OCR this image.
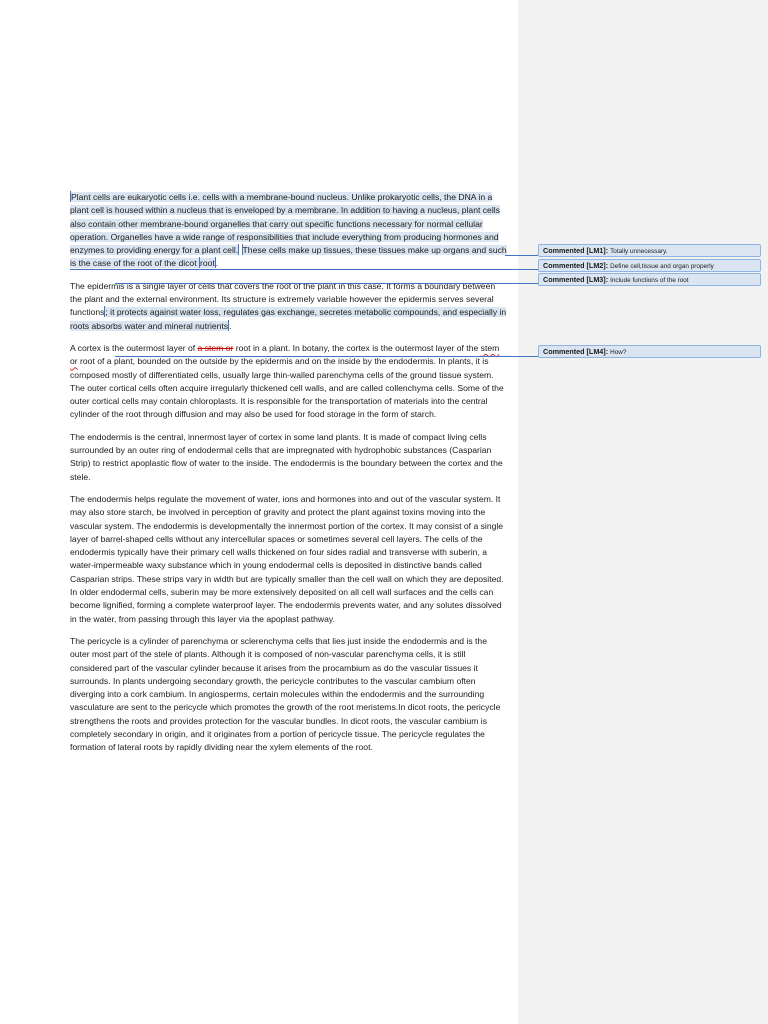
Plant cells are eukaryotic cells i.e. cells with a membrane-bound nucleus. Unlike prokaryotic cells, the DNA in a plant cell is housed within a nucleus that is enveloped by a membrane. In addition to having a nucleus, plant cells also contain other membrane-bound organelles that carry out specific functions necessary for normal cellular operation. Organelles have a wide range of responsibilities that include everything from producing hormones and enzymes to providing energy for a plant cell. These cells make up tissues, these tissues make up organs and such is the case of the root of the dicot root.

The epidermis is a single layer of cells that covers the root of the plant in this case. It forms a boundary between the plant and the external environment. Its structure is extremely variable however the epidermis serves several functions; it protects against water loss, regulates gas exchange, secretes metabolic compounds, and especially in roots absorbs water and mineral nutrients.

A cortex is the outermost layer of a stem or root in a plant. In botany, the cortex is the outermost layer of the stem or root of a plant, bounded on the outside by the epidermis and on the inside by the endodermis. In plants, it is composed mostly of differentiated cells, usually large thin-walled parenchyma cells of the ground tissue system. The outer cortical cells often acquire irregularly thickened cell walls, and are called collenchyma cells. Some of the outer cortical cells may contain chloroplasts. It is responsible for the transportation of materials into the central cylinder of the root through diffusion and may also be used for food storage in the form of starch.

The endodermis is the central, innermost layer of cortex in some land plants. It is made of compact living cells surrounded by an outer ring of endodermal cells that are impregnated with hydrophobic substances (Casparian Strip) to restrict apoplastic flow of water to the inside. The endodermis is the boundary between the cortex and the stele.

The endodermis helps regulate the movement of water, ions and hormones into and out of the vascular system. It may also store starch, be involved in perception of gravity and protect the plant against toxins moving into the vascular system. The endodermis is developmentally the innermost portion of the cortex. It may consist of a single layer of barrel-shaped cells without any intercellular spaces or sometimes several cell layers. The cells of the endodermis typically have their primary cell walls thickened on four sides radial and transverse with suberin, a water-impermeable waxy substance which in young endodermal cells is deposited in distinctive bands called Casparian strips. These strips vary in width but are typically smaller than the cell wall on which they are deposited. In older endodermal cells, suberin may be more extensively deposited on all cell wall surfaces and the cells can become lignified, forming a complete waterproof layer. The endodermis prevents water, and any solutes dissolved in the water, from passing through this layer via the apoplast pathway.

The pericycle is a cylinder of parenchyma or sclerenchyma cells that lies just inside the endodermis and is the outer most part of the stele of plants. Although it is composed of non-vascular parenchyma cells, it is still considered part of the vascular cylinder because it arises from the procambium as do the vascular tissues it surrounds. In plants undergoing secondary growth, the pericycle contributes to the vascular cambium often diverging into a cork cambium. In angiosperms, certain molecules within the endodermis and the surrounding vasculature are sent to the pericycle which promotes the growth of the root meristems.In dicot roots, the pericycle strengthens the roots and provides protection for the vascular bundles. In dicot roots, the vascular cambium is completely secondary in origin, and it originates from a portion of pericycle tissue. The pericycle regulates the formation of lateral roots by rapidly dividing near the xylem elements of the root.

Commented [LM1]: Totally unnecessary.
Commented [LM2]: Define cell,tissue and organ properly
Commented [LM3]: Include functions of the root
Commented [LM4]: How?
